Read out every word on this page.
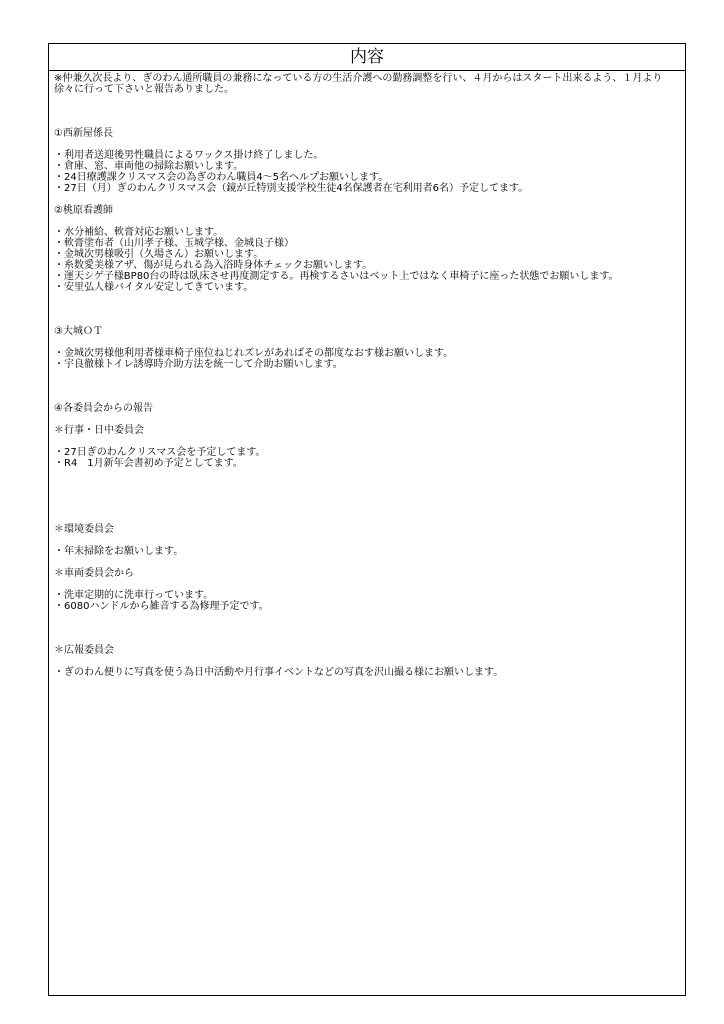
内容
※仲兼久次長より、ぎのわん通所職員の兼務になっている方の生活介護への勤務調整を行い、４月からはスタート出来るよう、１月より徐々に行って下さいと報告ありました。
①西新屋係長
・利用者送迎後男性職員によるワックス掛け終了しました。
・倉庫、窓、車両他の掃除お願いします。
・24日療護課クリスマス会の為ぎのわん職員4～5名ヘルプお願いします。
・27日（月）ぎのわんクリスマス会（鏡が丘特別支援学校生徒4名保護者在宅利用者6名）予定してます。
②桃原看護師
・水分補給、軟膏対応お願いします。
・軟膏塗布者（山川孝子様、玉城学様、金城良子様）
・金城次男様吸引（久場さん）お願いします。
・糸数愛美様アザ、傷が見られる為入浴時身体チェックお願いします。
・運天シゲ子様BP80台の時は臥床させ再度測定する。再検するさいはベット上ではなく車椅子に座った状態でお願いします。
・安里弘人様バイタル安定してきています。
③大城ＯＴ
・金城次男様他利用者様車椅子座位ねじれズレがあればその都度なおす様お願いします。
・宇良徹様トイレ誘導時介助方法を統一して介助お願いします。
④各委員会からの報告
＊行事・日中委員会
・27日ぎのわんクリスマス会を予定してます。
・R4　1月新年会書初め予定としてます。
＊環境委員会
・年末掃除をお願いします。
＊車両委員会から
・洗車定期的に洗車行っています。
・6080ハンドルから雑音する為修理予定です。
＊広報委員会
・ぎのわん便りに写真を使う為日中活動や月行事イベントなどの写真を沢山撮る様にお願いします。
